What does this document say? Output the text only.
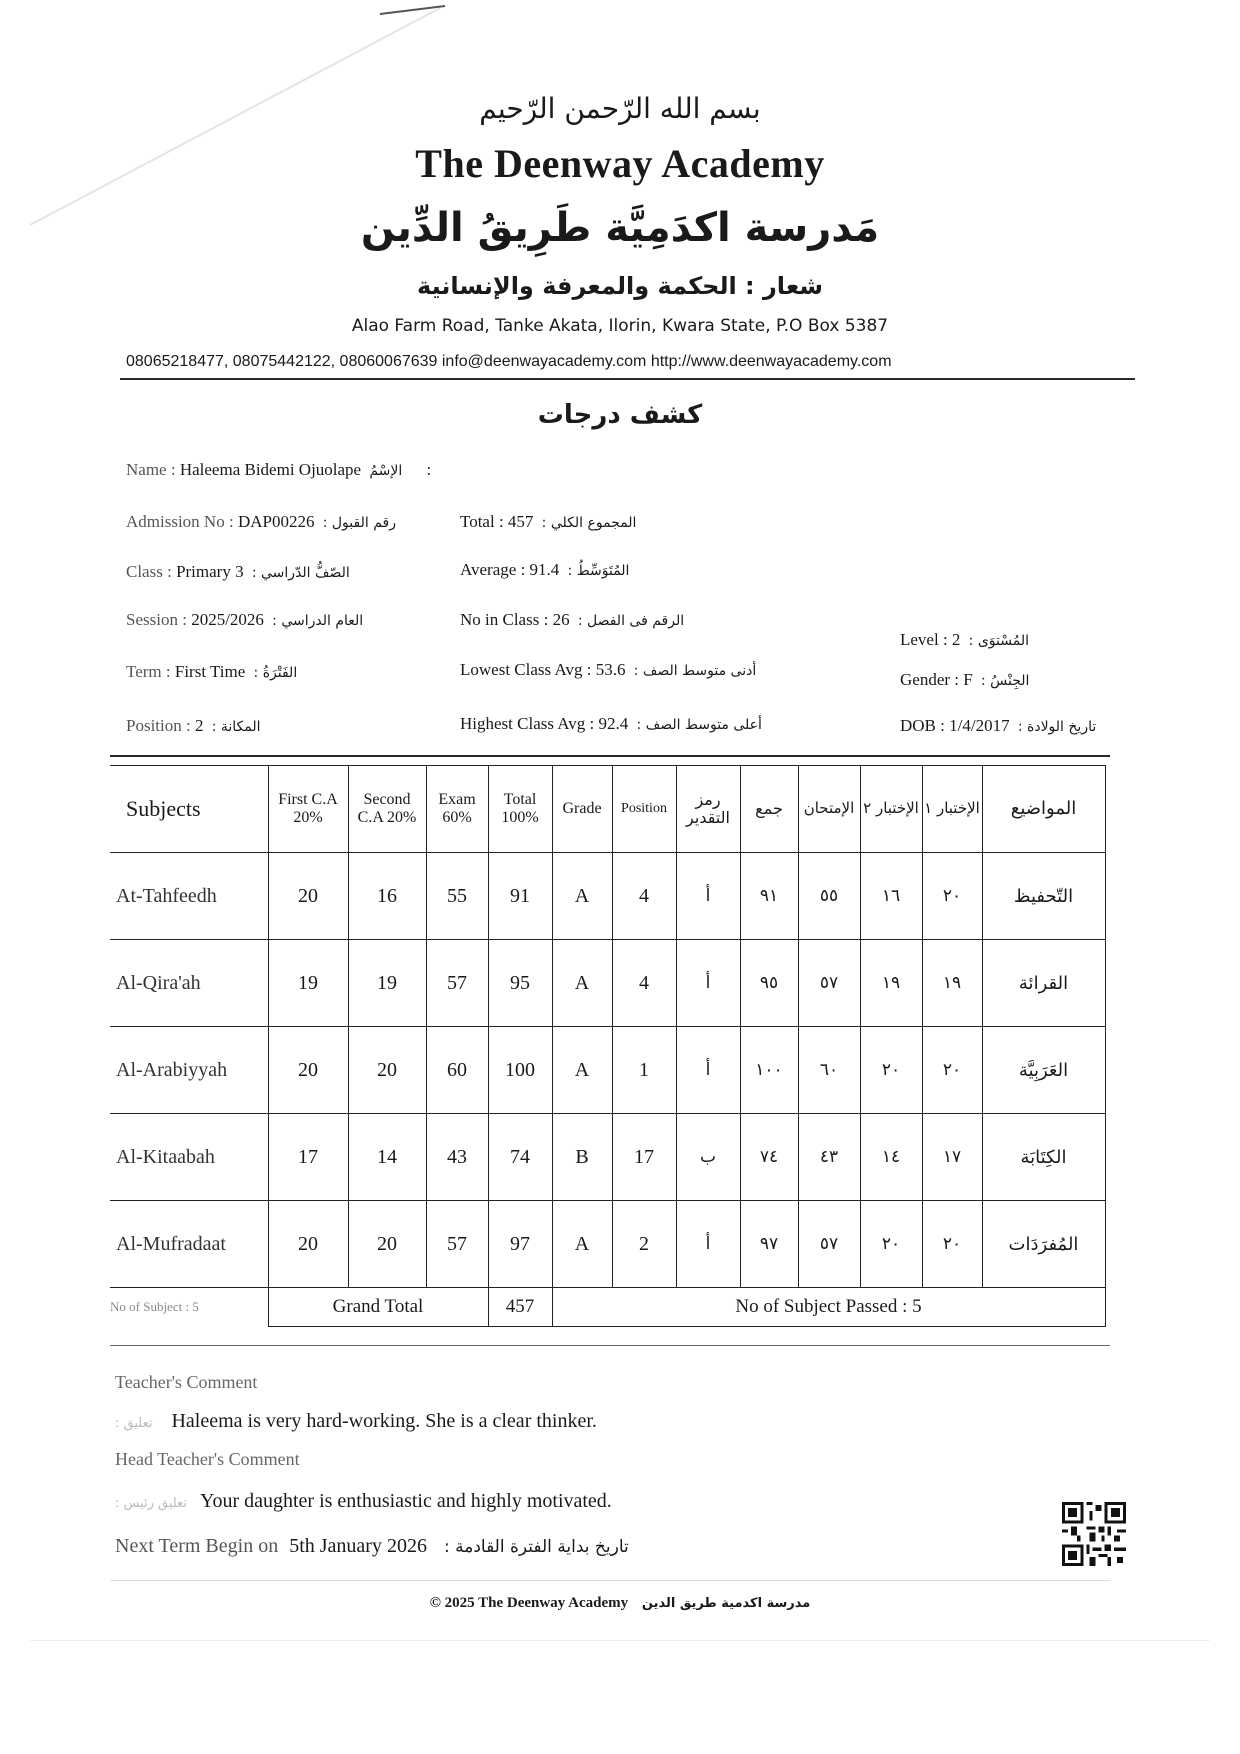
بسم الله الرّحمن الرّحيم
The Deenway Academy
مَدرسة اكدَمِيَّة طَرِيقُ الدِّين
شعار : الحكمة والمعرفة والإنسانية
Alao Farm Road, Tanke Akata, Ilorin, Kwara State, P.O Box 5387
08065218477, 08075442122, 08060067639 info@deenwayacademy.com http://www.deenwayacademy.com
كشف درجات
Name : Haleema Bidemi Ojuolape الإسْمُ :
Admission No : DAP00226 : رقم القبول
Class : Primary 3 : الصّفُّ الدّراسي
Session : 2025/2026 : العام الدراسي
Term : First Time : الفَتْرَةُ
Position : 2 : المكانة
Total : 457 : المجموع الكلي
Average : 91.4 : المُتَوَسِّطُ
No in Class : 26 : الرقم فى الفصل
Lowest Class Avg : 53.6 : أدنى متوسط الصف
Highest Class Avg : 92.4 : أعلى متوسط الصف
Level : 2 : المُسْتوَى
Gender : F : الجِنْسُ
DOB : 1/4/2017 : تاريخ الولادة
Subjects	First C.A 20%	Second C.A 20%	Exam 60%	Total 100%	Grade	Position	رمز التقدير	جمع	الإمتحان	الإختبار ٢	الإختبار ١	المواضيع
At-Tahfeedh	20	16	55	91	A	4	أ	٩١	٥٥	١٦	٢٠	التّحفيظ
Al-Qira'ah	19	19	57	95	A	4	أ	٩٥	٥٧	١٩	١٩	القرائة
Al-Arabiyyah	20	20	60	100	A	1	أ	١٠٠	٦٠	٢٠	٢٠	العَرَبِيَّة
Al-Kitaabah	17	14	43	74	B	17	ب	٧٤	٤٣	١٤	١٧	الكِتَابَة
Al-Mufradaat	20	20	57	97	A	2	أ	٩٧	٥٧	٢٠	٢٠	المُفرَدَات
No of Subject : 5	Grand Total			457	No of Subject Passed : 5							
Teacher's Comment
تعليق : Haleema is very hard-working. She is a clear thinker.
Head Teacher's Comment
تعليق رئيس : Your daughter is enthusiastic and highly motivated.
Next Term Begin on 5th January 2026 تاريخ بداية الفترة القادمة :
© 2025 The Deenway Academy مدرسة اكدمية طريق الدين
